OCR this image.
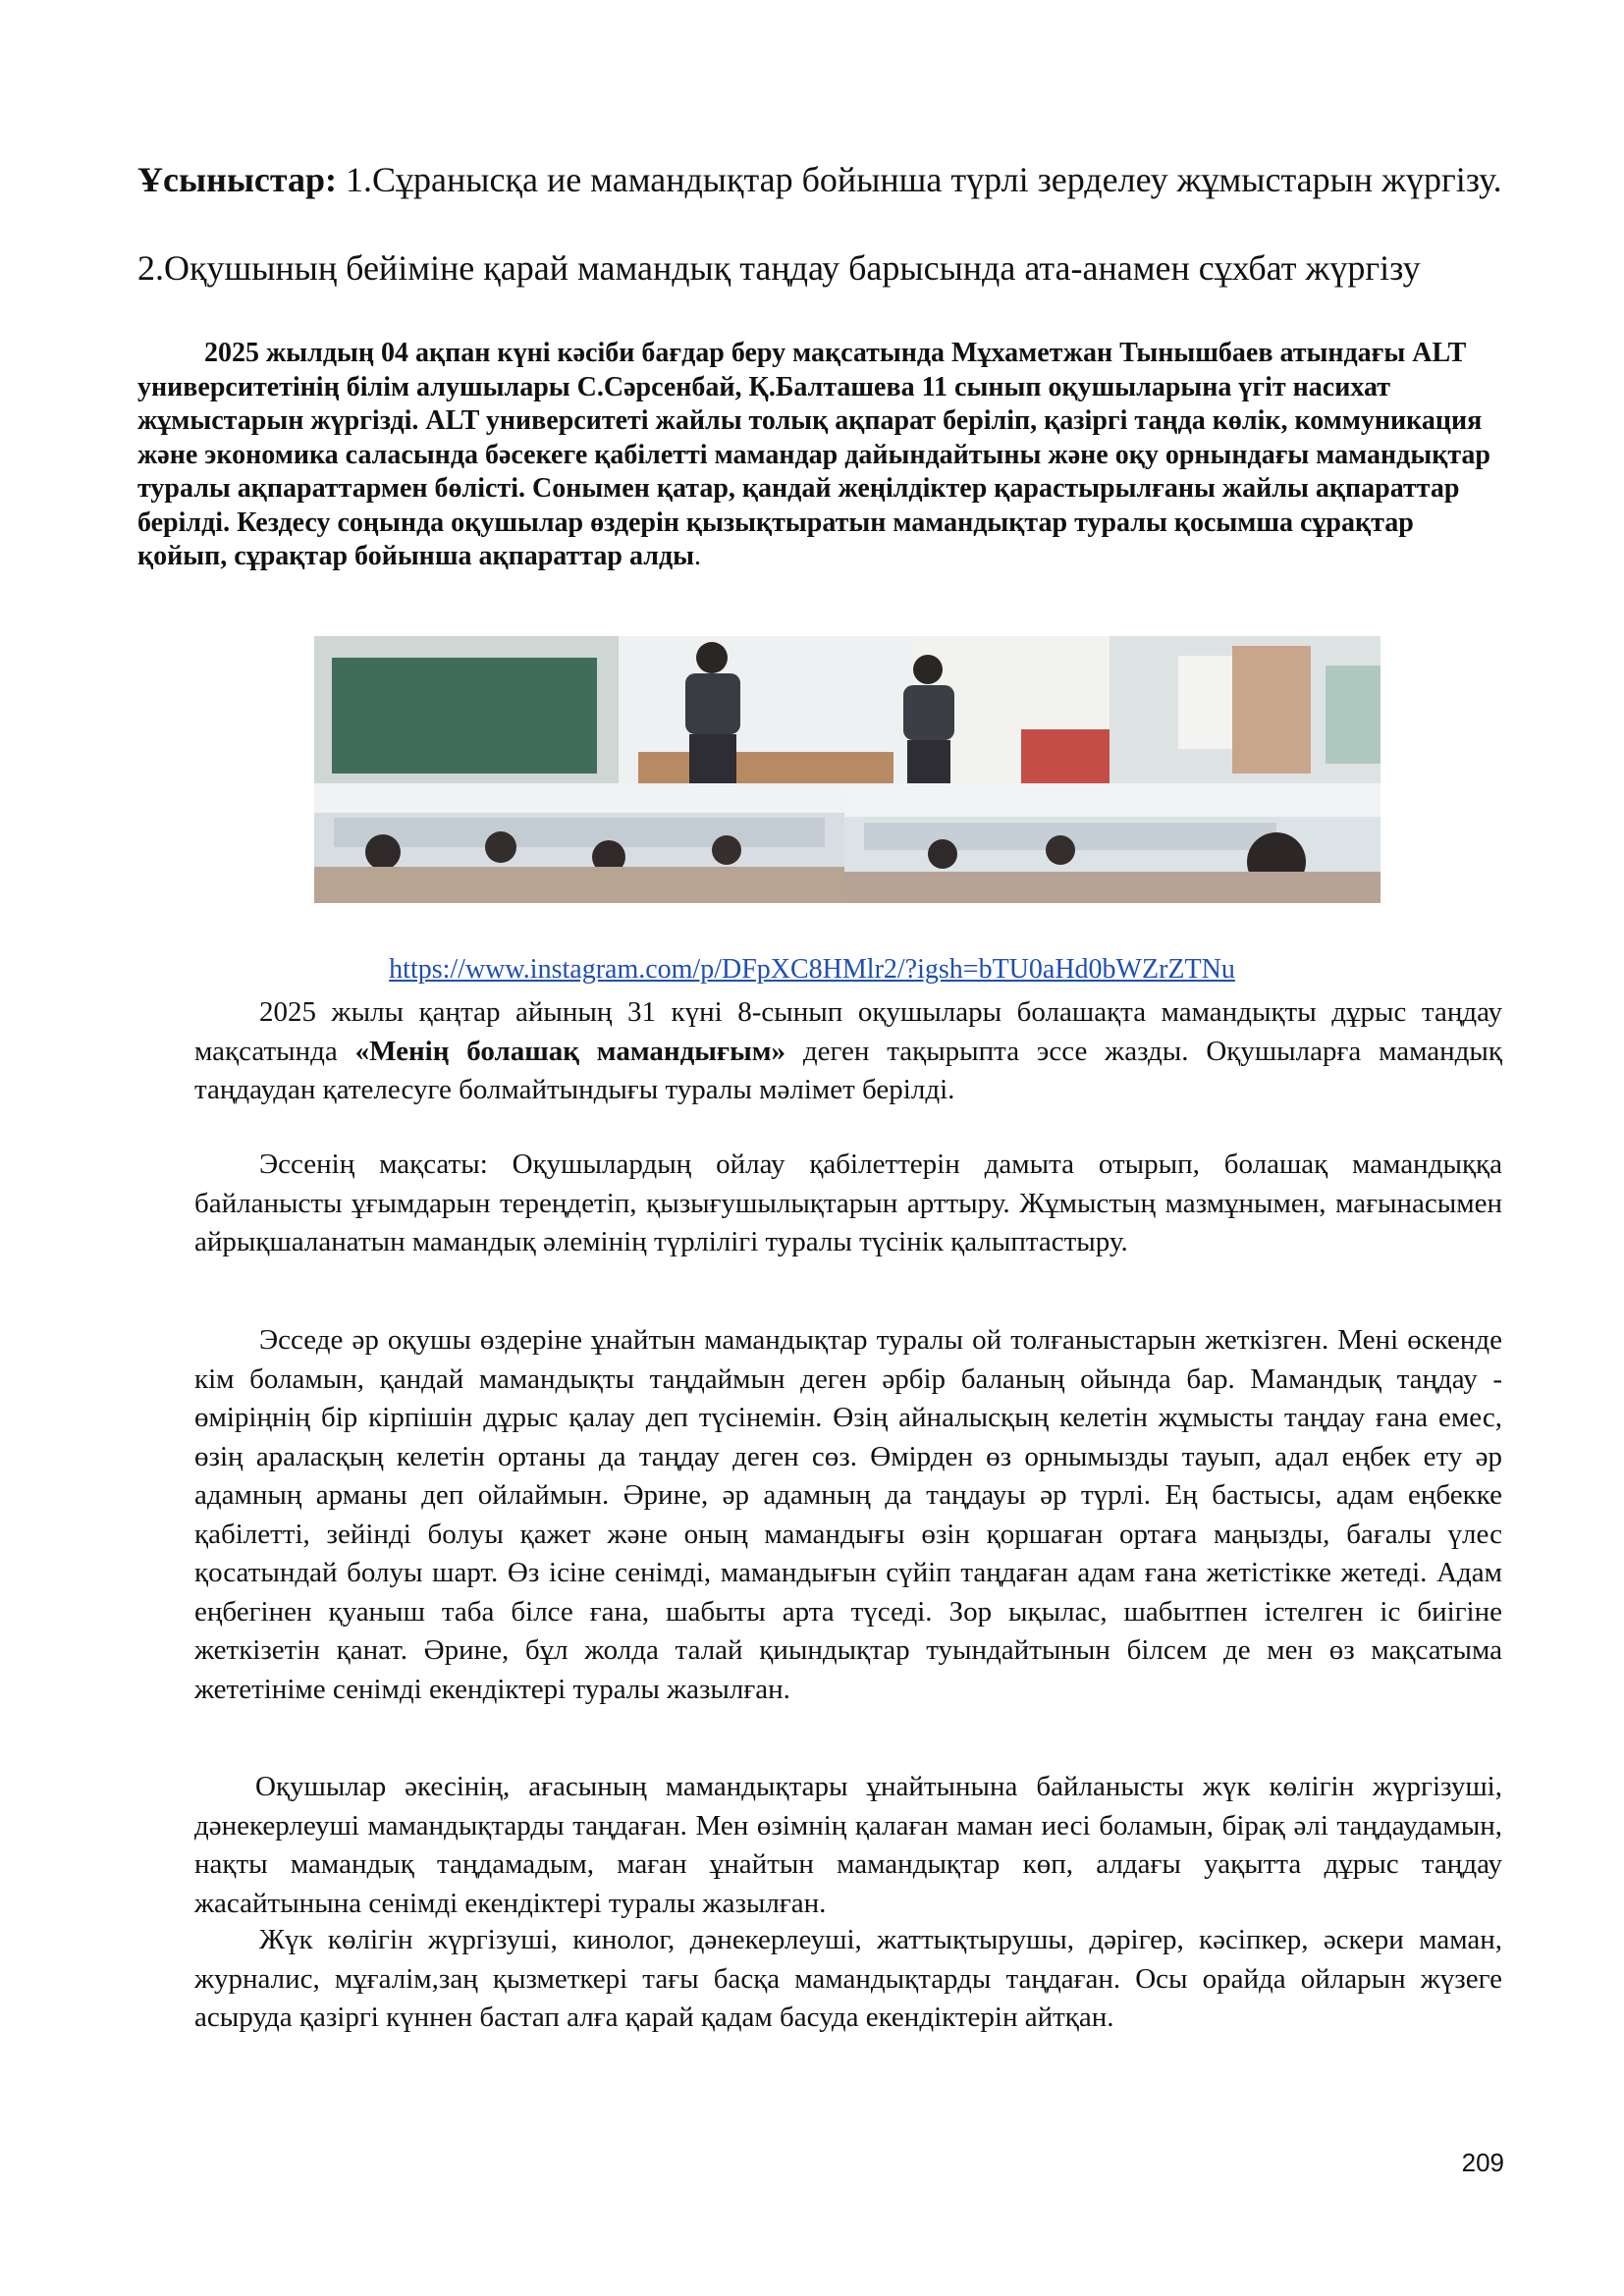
Ұсыныстар: 1.Сұранысқа ие мамандықтар бойынша түрлі зерделеу жұмыстарын жүргізу.
2.Оқушының бейіміне қарай мамандық таңдау барысында ата-анамен сұхбат жүргізу
2025 жылдың 04 ақпан күні кәсіби бағдар беру мақсатында Мұхаметжан Тынышбаев атындағы ALT университетінің білім алушылары С.Сәрсенбай, Қ.Балташева 11 сынып оқушыларына үгіт насихат жұмыстарын жүргізді. ALT университеті жайлы толық ақпарат беріліп, қазіргі таңда көлік, коммуникация және экономика саласында бәсекеге қабілетті мамандар дайындайтыны және оқу орнындағы мамандықтар туралы ақпараттармен бөлісті. Сонымен қатар, қандай жеңілдіктер қарастырылғаны жайлы ақпараттар берілді. Кездесу соңында оқушылар өздерін қызықтыратын мамандықтар туралы қосымша сұрақтар қойып, сұрақтар бойынша ақпараттар алды.
https://www.instagram.com/p/DFpXC8HMlr2/?igsh=bTU0aHd0bWZrZTNu
2025 жылы қаңтар айының 31 күні 8-сынып оқушылары болашақта мамандықты дұрыс таңдау мақсатында «Менің болашақ мамандығым» деген тақырыпта эссе жазды. Оқушыларға мамандық таңдаудан қателесуге болмайтындығы туралы мәлімет берілді.
Эссенің мақсаты: Оқушылардың ойлау қабілеттерін дамыта отырып, болашақ мамандыққа байланысты ұғымдарын тереңдетіп, қызығушылықтарын арттыру. Жұмыстың мазмұнымен, мағынасымен айрықшаланатын мамандық әлемінің түрлілігі туралы түсінік қалыптастыру.
Эсседе әр оқушы өздеріне ұнайтын мамандықтар туралы ой толғаныстарын жеткізген. Мені өскенде кім боламын, қандай мамандықты таңдаймын деген әрбір баланың ойында бар. Мамандық таңдау - өміріңнің бір кірпішін дұрыс қалау деп түсінемін. Өзің айналысқың келетін жұмысты таңдау ғана емес, өзің араласқың келетін ортаны да таңдау деген сөз. Өмірден өз орнымызды тауып, адал еңбек ету әр адамның арманы деп ойлаймын. Әрине, әр адамның да таңдауы әр түрлі. Ең бастысы, адам еңбекке қабілетті, зейінді болуы қажет және оның мамандығы өзін қоршаған ортаға маңызды, бағалы үлес қосатындай болуы шарт. Өз ісіне сенімді, мамандығын сүйіп таңдаған адам ғана жетістікке жетеді. Адам еңбегінен қуаныш таба білсе ғана, шабыты арта түседі. Зор ықылас, шабытпен істелген іс биігіне жеткізетін қанат. Әрине, бұл жолда талай қиындықтар туындайтынын білсем де мен өз мақсатыма жететініме сенімді екендіктері туралы жазылған.
Оқушылар әкесінің, ағасының мамандықтары ұнайтынына байланысты жүк көлігін жүргізуші, дәнекерлеуші мамандықтарды таңдаған. Мен өзімнің қалаған маман иесі боламын, бірақ әлі таңдаудамын, нақты мамандық таңдамадым, маған ұнайтын мамандықтар көп, алдағы уақытта дұрыс таңдау жасайтынына сенімді екендіктері туралы жазылған.
Жүк көлігін жүргізуші, кинолог, дәнекерлеуші, жаттықтырушы, дәрігер, кәсіпкер, әскери маман, журналис, мұғалім,заң қызметкері тағы басқа мамандықтарды таңдаған. Осы орайда ойларын жүзеге асыруда қазіргі күннен бастап алға қарай қадам басуда екендіктерін айтқан.
209
